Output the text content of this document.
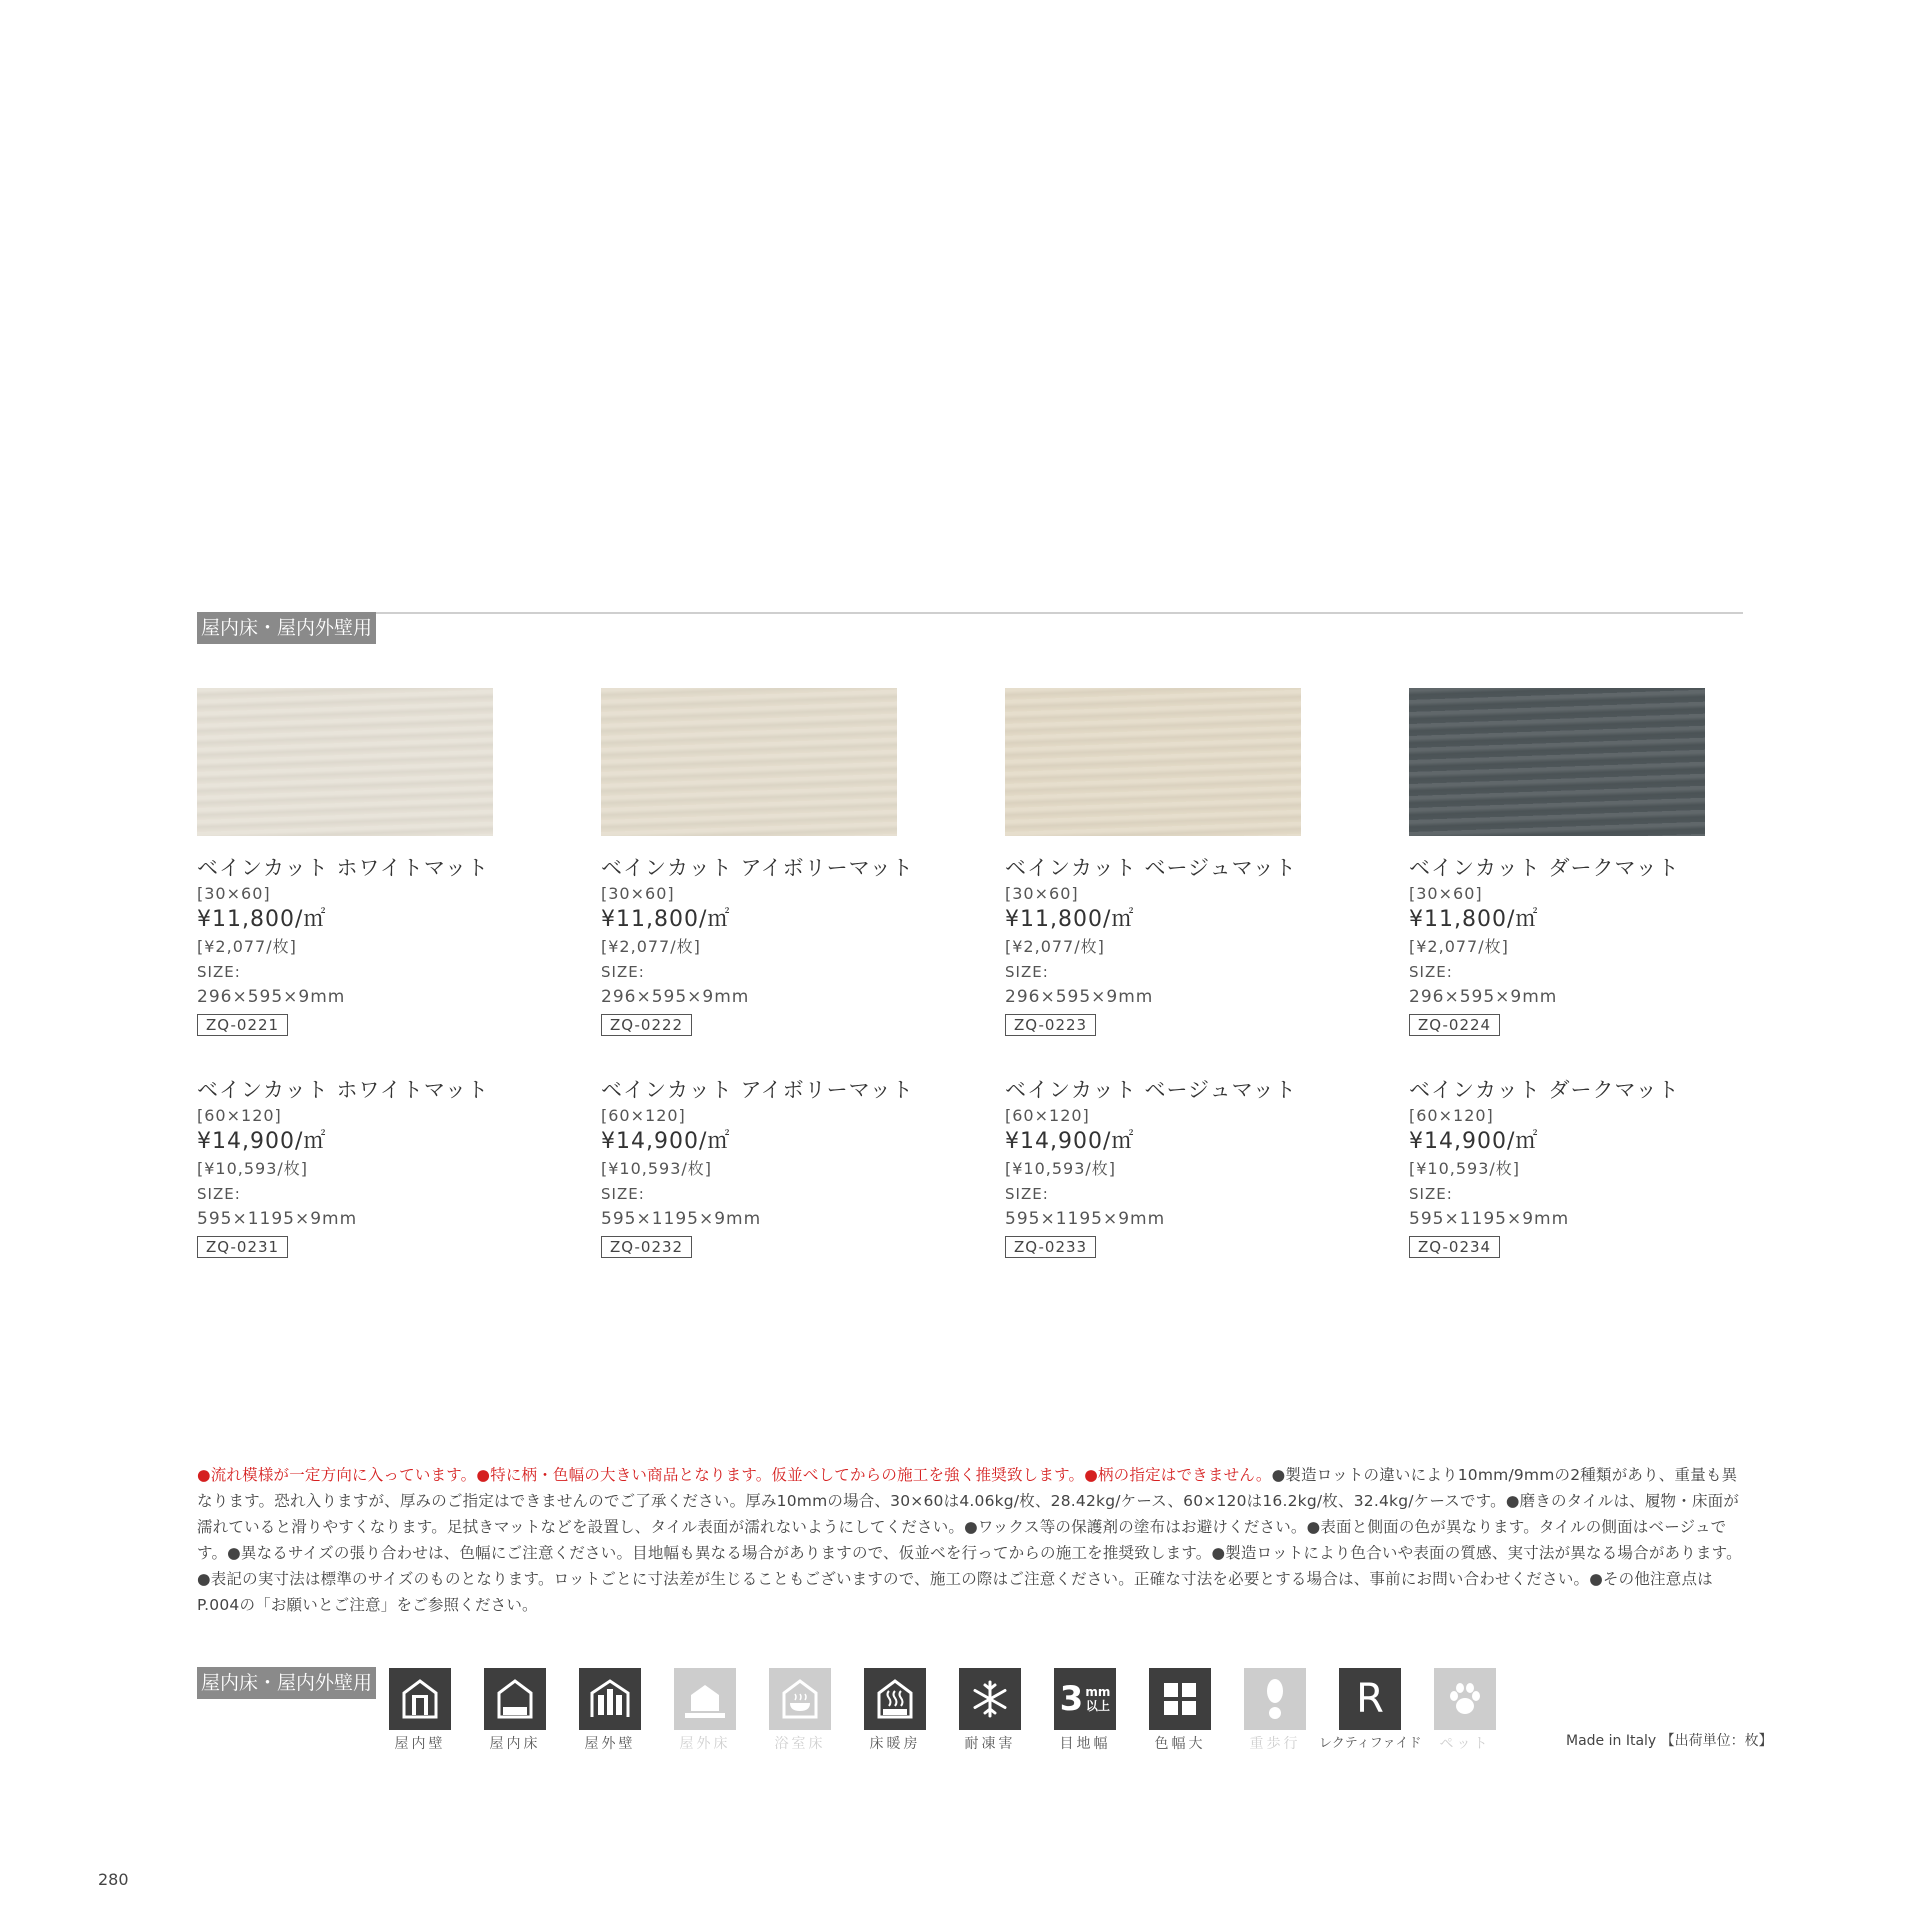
屋内床・屋内外壁用
ベインカット ホワイトマット
[30×60]
¥11,800/㎡
[¥2,077/枚]
SIZE:
296×595×9mm
ZQ-0221
ベインカット アイボリーマット
[30×60]
¥11,800/㎡
[¥2,077/枚]
SIZE:
296×595×9mm
ZQ-0222
ベインカット ベージュマット
[30×60]
¥11,800/㎡
[¥2,077/枚]
SIZE:
296×595×9mm
ZQ-0223
ベインカット ダークマット
[30×60]
¥11,800/㎡
[¥2,077/枚]
SIZE:
296×595×9mm
ZQ-0224
ベインカット ホワイトマット
[60×120]
¥14,900/㎡
[¥10,593/枚]
SIZE:
595×1195×9mm
ZQ-0231
ベインカット アイボリーマット
[60×120]
¥14,900/㎡
[¥10,593/枚]
SIZE:
595×1195×9mm
ZQ-0232
ベインカット ベージュマット
[60×120]
¥14,900/㎡
[¥10,593/枚]
SIZE:
595×1195×9mm
ZQ-0233
ベインカット ダークマット
[60×120]
¥14,900/㎡
[¥10,593/枚]
SIZE:
595×1195×9mm
ZQ-0234
●流れ模様が一定方向に入っています。●特に柄・色幅の大きい商品となります。仮並べしてからの施工を強く推奨致します。●柄の指定はできません。●製造ロットの違いにより10mm/9mmの2種類があり、重量も異なります。恐れ入りますが、厚みのご指定はできませんのでご了承ください。厚み10mmの場合、30×60は4.06kg/枚、28.42kg/ケース、60×120は16.2kg/枚、32.4kg/ケースです。●磨きのタイルは、履物・床面が濡れていると滑りやすくなります。足拭きマットなどを設置し、タイル表面が濡れないようにしてください。●ワックス等の保護剤の塗布はお避けください。●表面と側面の色が異なります。タイルの側面はベージュです。●異なるサイズの張り合わせは、色幅にご注意ください。目地幅も異なる場合がありますので、仮並べを行ってからの施工を推奨致します。●製造ロットにより色合いや表面の質感、実寸法が異なる場合があります。●表記の実寸法は標準のサイズのものとなります。ロットごとに寸法差が生じることもございますので、施工の際はご注意ください。正確な寸法を必要とする場合は、事前にお問い合わせください。●その他注意点はP.004の「お願いとご注意」をご参照ください。
屋内床・屋内外壁用
屋内壁	屋内床	屋外壁	屋外床	浴室床	床暖房	耐凍害
3 mm
以上
目地幅	色幅大	重歩行
R
レクティファイド	ペット	Made in Italy 【出荷単位：枚】
280
